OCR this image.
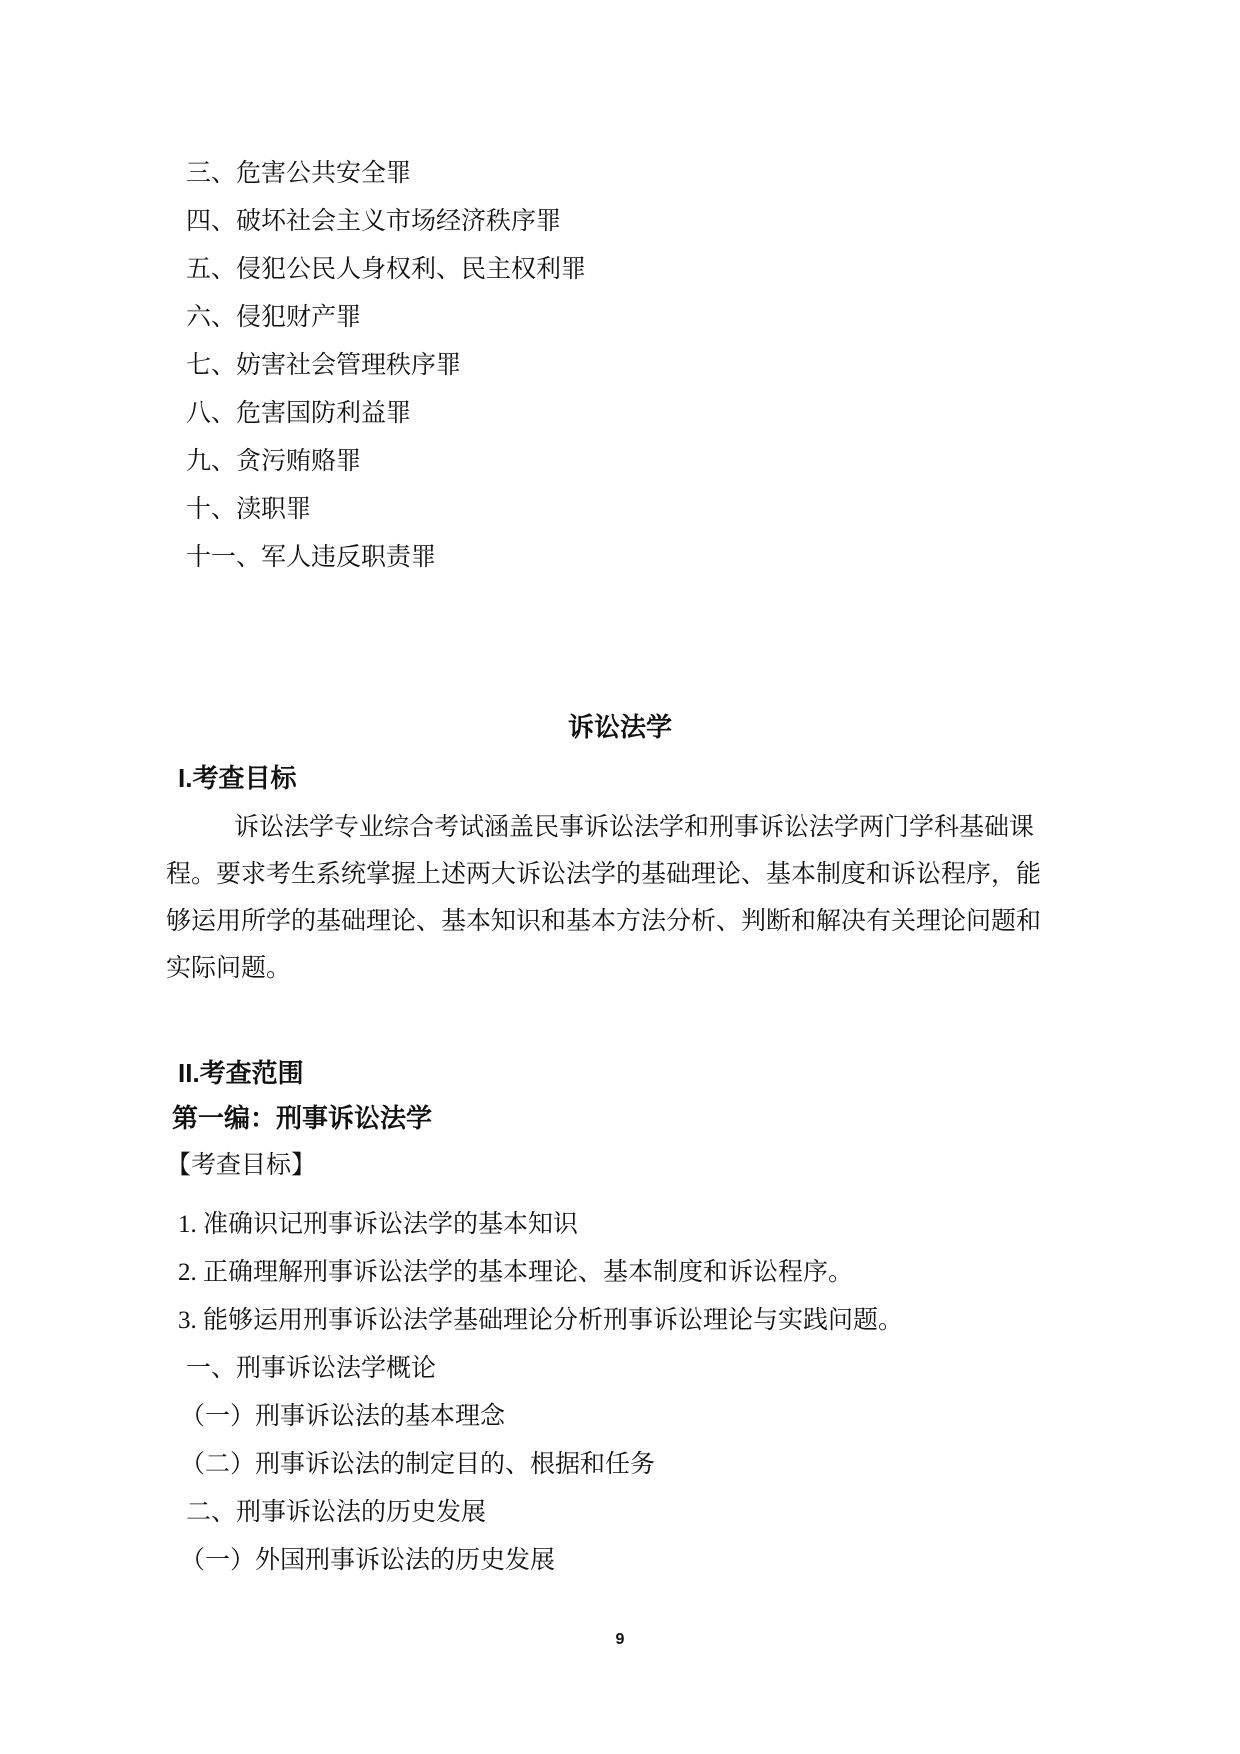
三、危害公共安全罪
四、破坏社会主义市场经济秩序罪
五、侵犯公民人身权利、民主权利罪
六、侵犯财产罪
七、妨害社会管理秩序罪
八、危害国防利益罪
九、贪污贿赂罪
十、渎职罪
十一、军人违反职责罪
诉讼法学
I.考查目标
诉讼法学专业综合考试涵盖民事诉讼法学和刑事诉讼法学两门学科基础课
程。要求考生系统掌握上述两大诉讼法学的基础理论、基本制度和诉讼程序，能
够运用所学的基础理论、基本知识和基本方法分析、判断和解决有关理论问题和
实际问题。
II.考查范围
第一编：刑事诉讼法学
【考查目标】
1. 准确识记刑事诉讼法学的基本知识
2. 正确理解刑事诉讼法学的基本理论、基本制度和诉讼程序。
3. 能够运用刑事诉讼法学基础理论分析刑事诉讼理论与实践问题。
一、刑事诉讼法学概论
（一）刑事诉讼法的基本理念
（二）刑事诉讼法的制定目的、根据和任务
二、刑事诉讼法的历史发展
（一）外国刑事诉讼法的历史发展
9
